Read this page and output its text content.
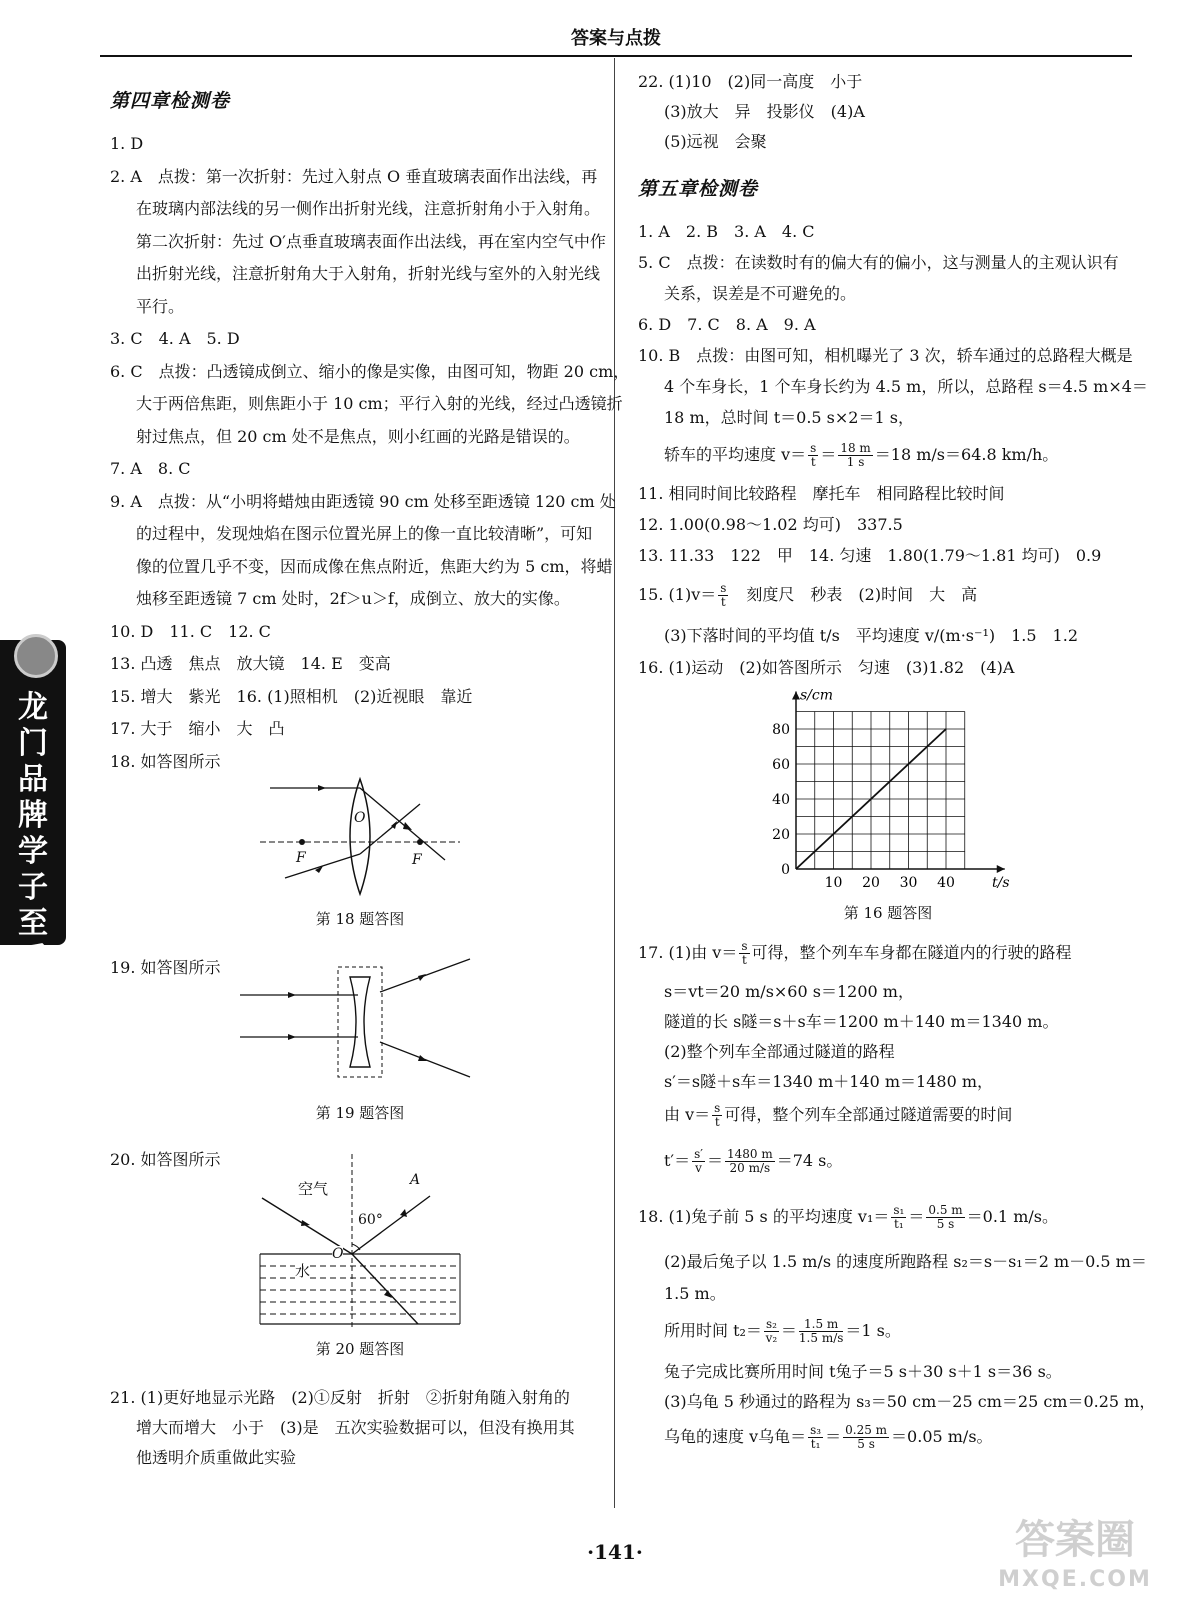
答案与点拨
龙门品牌学子至爱
第四章检测卷
1. D
2. A　点拨：第一次折射：先过入射点 O 垂直玻璃表面作出法线，再
在玻璃内部法线的另一侧作出折射光线，注意折射角小于入射角。
第二次折射：先过 O′点垂直玻璃表面作出法线，再在室内空气中作
出折射光线，注意折射角大于入射角，折射光线与室外的入射光线
平行。
3. C　4. A　5. D
6. C　点拨：凸透镜成倒立、缩小的像是实像，由图可知，物距 20 cm，
大于两倍焦距，则焦距小于 10 cm；平行入射的光线，经过凸透镜折
射过焦点，但 20 cm 处不是焦点，则小红画的光路是错误的。
7. A　8. C
9. A　点拨：从“小明将蜡烛由距透镜 90 cm 处移至距透镜 120 cm 处
的过程中，发现烛焰在图示位置光屏上的像一直比较清晰”，可知
像的位置几乎不变，因而成像在焦点附近，焦距大约为 5 cm，将蜡
烛移至距透镜 7 cm 处时，2f＞u＞f，成倒立、放大的实像。
10. D　11. C　12. C
13. 凸透　焦点　放大镜　14. E　变高
15. 增大　紫光　16. (1)照相机　(2)近视眼　靠近
17. 大于　缩小　大　凸
18. 如答图所示
O
F	F
第 18 题答图
19. 如答图所示
第 19 题答图
20. 如答图所示
空气	A
60°
O
水
第 20 题答图
21. (1)更好地显示光路　(2)①反射　折射　②折射角随入射角的
增大而增大　小于　(3)是　五次实验数据可以，但没有换用其
他透明介质重做此实验
22. (1)10　(2)同一高度　小于
(3)放大　异　投影仪　(4)A
(5)远视　会聚
第五章检测卷
1. A　2. B　3. A　4. C
5. C　点拨：在读数时有的偏大有的偏小，这与测量人的主观认识有
关系，误差是不可避免的。
6. D　7. C　8. A　9. A
10. B　点拨：由图可知，相机曝光了 3 次，轿车通过的总路程大概是
4 个车身长，1 个车身长约为 4.5 m，所以，总路程 s＝4.5 m×4＝
18 m，总时间 t＝0.5 s×2＝1 s，
轿车的平均速度 $v= \frac{s}{t} = \frac{18 m}{1 s} =18$ m/s＝64.8 km/h。
11. 相同时间比较路程　摩托车　相同路程比较时间
12. 1.00(0.98～1.02 均可)　337.5
13. 11.33　122　甲　14. 匀速　1.80(1.79～1.81 均可)　0.9
15. $(1)v= \frac{s}{t}$ 　刻度尺　秒表　(2)时间　大　高
(3)下落时间的平均值 t/s　平均速度 v/(m·s⁻¹)　1.5　1.2
16. (1)运动　(2)如答图所示　匀速　(3)1.82　(4)A
10 20 30 40
20
40
60
80
0
t/s
s/cm
第 16 题答图
17. (1)由 $v= \frac{s}{t}$ 可得，整个列车车身都在隧道内的行驶的路程
s＝vt＝20 m/s×60 s＝1200 m，
隧道的长 s隧＝s＋s车＝1200 m＋140 m＝1340 m。
(2)整个列车全部通过隧道的路程
s′＝s隧＋s车＝1340 m＋140 m＝1480 m，
由 $v= \frac{s}{t}$ 可得，整个列车全部通过隧道需要的时间
$t'= \frac{s'}{v} = \frac{1480 m}{20 m/s} =74$ s。
18. (1)兔子前 5 s 的平均速度 $v_1= \frac{\text{s₁}}{\text{t₁}} = \frac{0.5 m}{5 s} =0.1$ m/s。
(2)最后兔子以 1.5 m/s 的速度所跑路程 s₂＝s－s₁＝2 m－0.5 m＝
1.5 m。
所用时间 $t_2= \frac{\text{s₂}}{\text{v₂}} = \frac{1.5 m}{1.5 m/s} =1$ s。
兔子完成比赛所用时间 t兔子＝5 s＋30 s＋1 s＝36 s。
(3)乌龟 5 秒通过的路程为 s₃＝50 cm－25 cm＝25 cm＝0.25 m，
乌龟的速度 v乌龟＝ $\frac{\text{s₃}}{\text{t₁}} = \frac{0.25 m}{5 s} =0.05$ m/s。
·141·	答案圈
MXQE.COM
